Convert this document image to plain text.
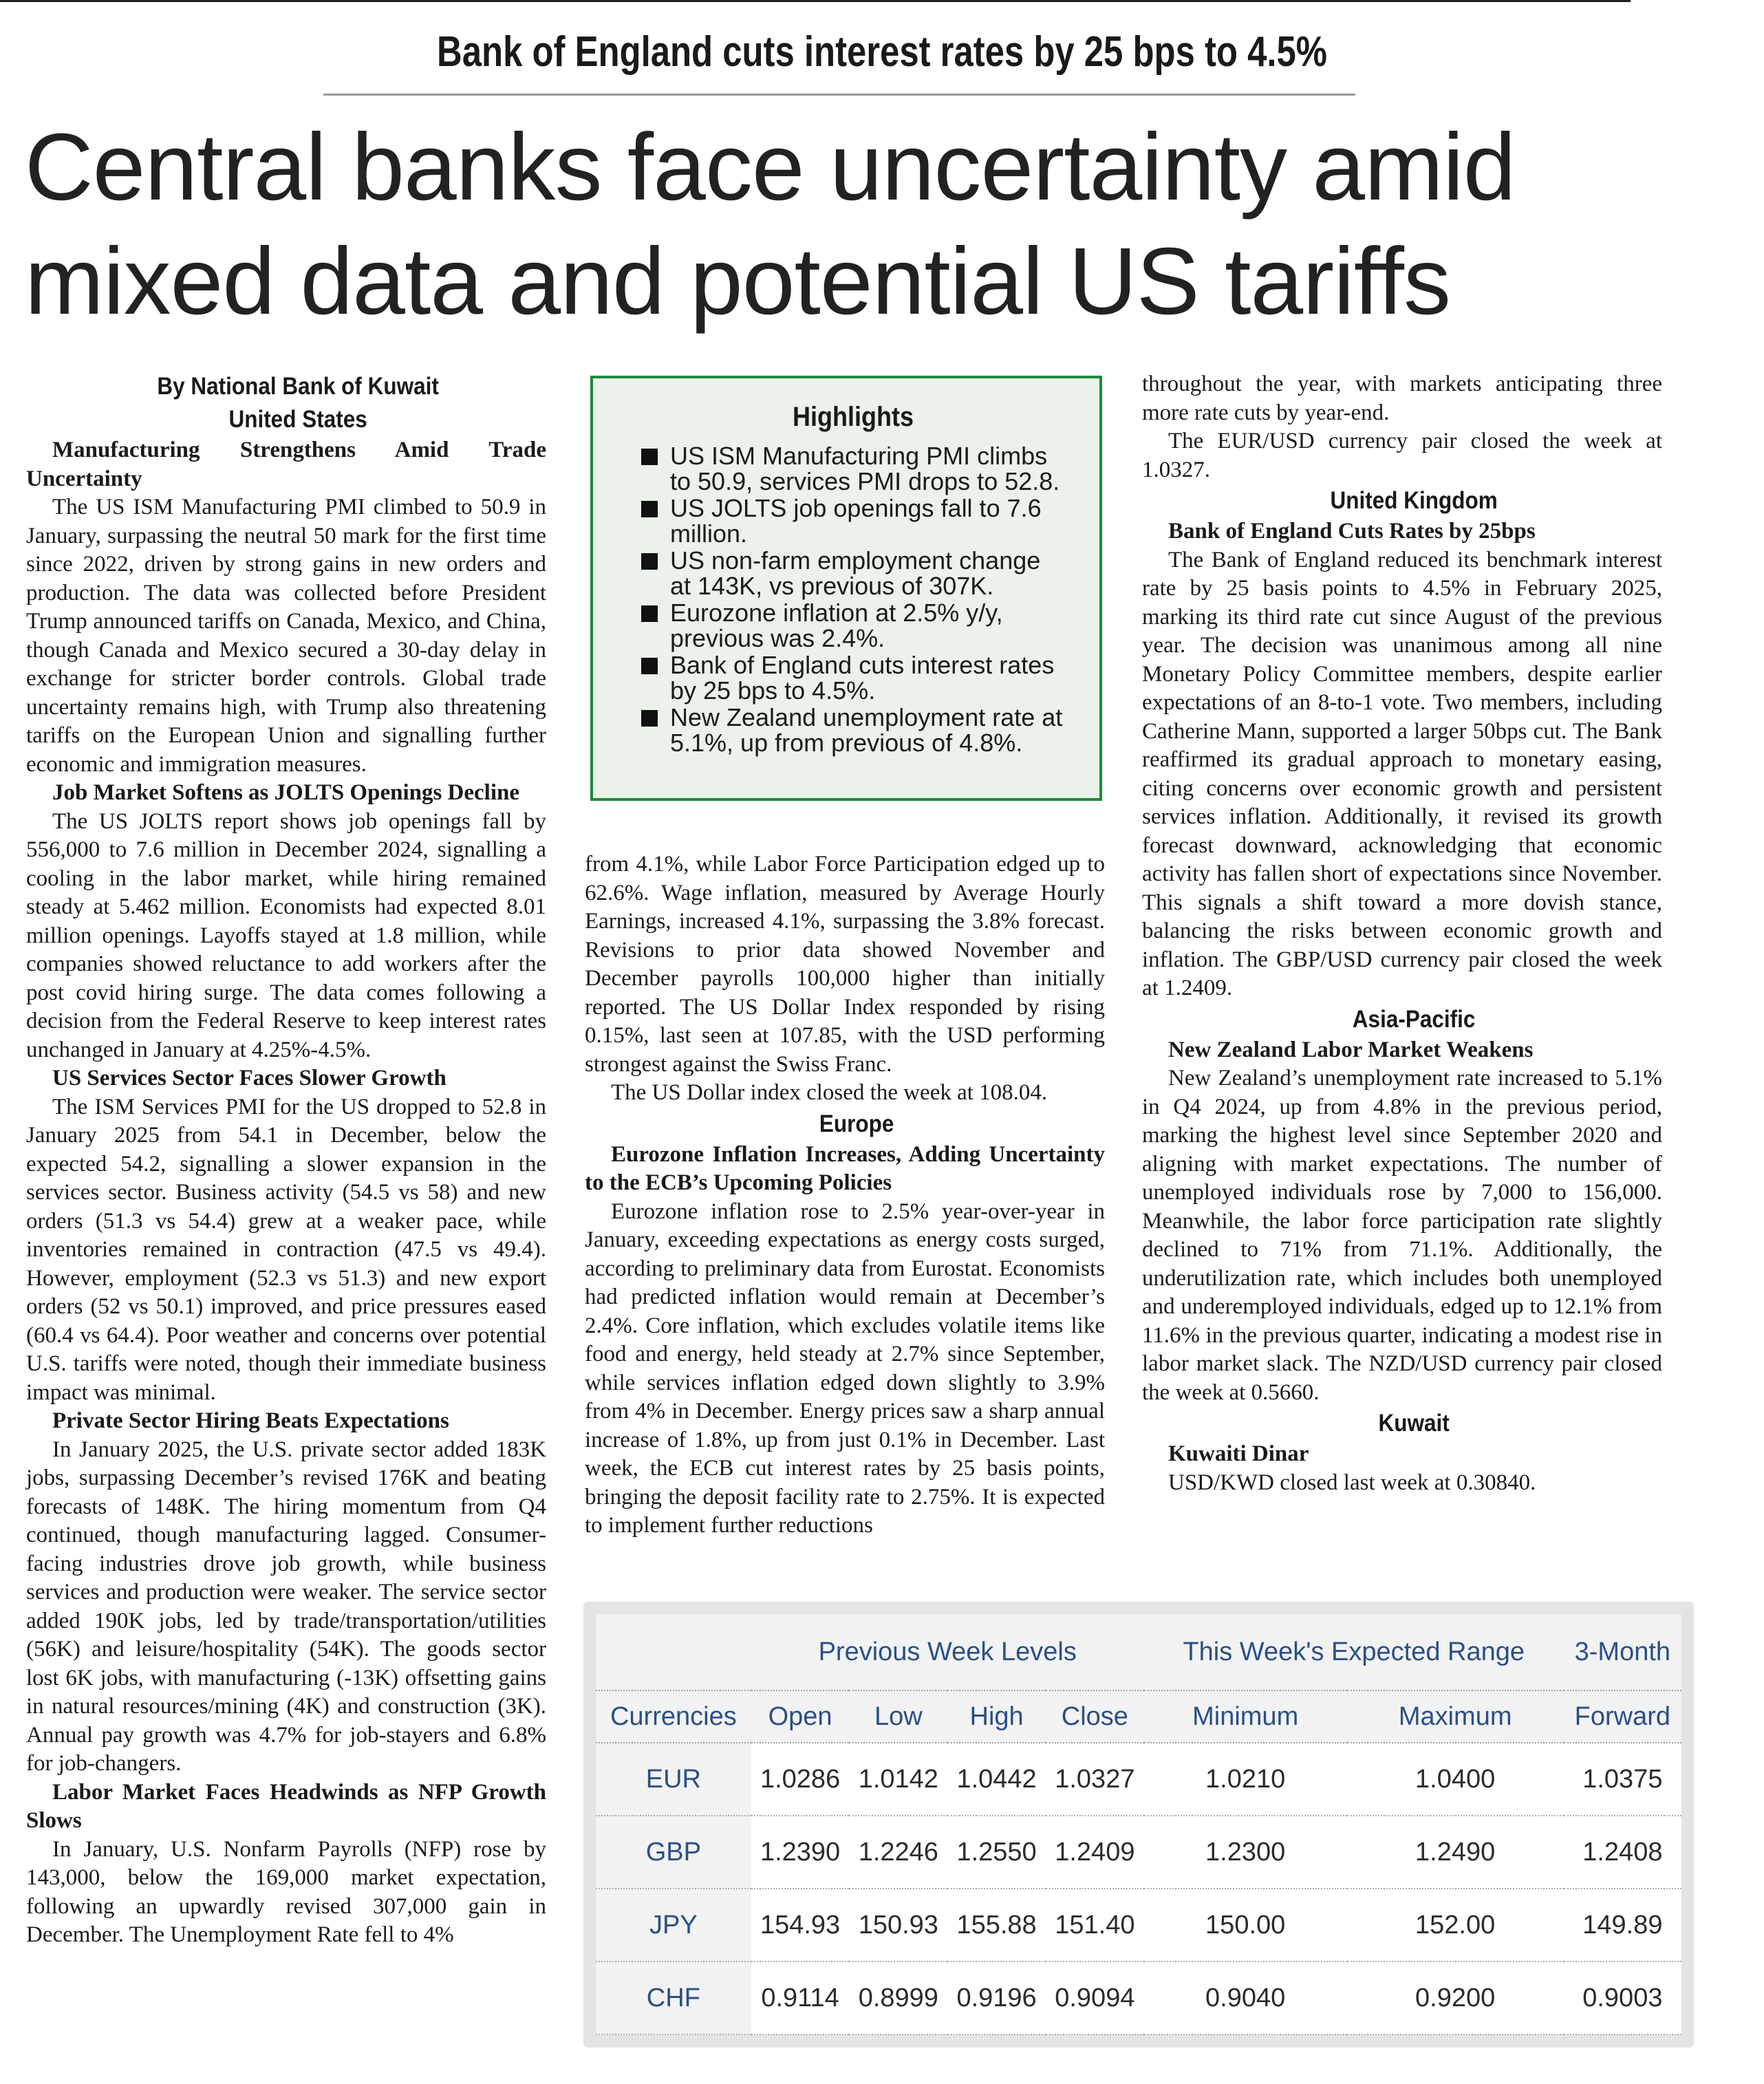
Bank of England cuts interest rates by 25 bps to 4.5%
Central banks face uncertainty amid mixed data and potential US tariffs

By National Bank of Kuwait

United States

Manufacturing Strengthens Amid Trade Uncertainty

The US ISM Manufacturing PMI climbed to 50.9 in January, surpassing the neutral 50 mark for the first time since 2022, driven by strong gains in new orders and production. The data was collected before President Trump announced tariffs on Canada, Mexico, and China, though Canada and Mexico secured a 30-day delay in exchange for stricter border controls. Global trade uncertainty remains high, with Trump also threatening tariffs on the European Union and signalling further economic and immigration measures.

Job Market Softens as JOLTS Openings Decline

The US JOLTS report shows job openings fall by 556,000 to 7.6 million in December 2024, signalling a cooling in the labor market, while hiring remained steady at 5.462 million. Economists had expected 8.01 million openings. Layoffs stayed at 1.8 million, while companies showed reluctance to add workers after the post covid hiring surge. The data comes following a decision from the Federal Reserve to keep interest rates unchanged in January at 4.25%-4.5%.

US Services Sector Faces Slower Growth

The ISM Services PMI for the US dropped to 52.8 in January 2025 from 54.1 in December, below the expected 54.2, signalling a slower expansion in the services sector. Business activity (54.5 vs 58) and new orders (51.3 vs 54.4) grew at a weaker pace, while inventories remained in contraction (47.5 vs 49.4). However, employment (52.3 vs 51.3) and new export orders (52 vs 50.1) improved, and price pressures eased (60.4 vs 64.4). Poor weather and concerns over potential U.S. tariffs were noted, though their immediate business impact was minimal.

Private Sector Hiring Beats Expectations

In January 2025, the U.S. private sector added 183K jobs, surpassing December’s revised 176K and beating forecasts of 148K. The hiring momentum from Q4 continued, though manufacturing lagged. Consumer-facing industries drove job growth, while business services and production were weaker. The service sector added 190K jobs, led by trade/transportation/utilities (56K) and leisure/hospitality (54K). The goods sector lost 6K jobs, with manufacturing (-13K) offsetting gains in natural resources/mining (4K) and construction (3K). Annual pay growth was 4.7% for job-stayers and 6.8% for job-changers.

Labor Market Faces Headwinds as NFP Growth Slows

In January, U.S. Nonfarm Payrolls (NFP) rose by 143,000, below the 169,000 market expectation, following an upwardly revised 307,000 gain in December. The Unemployment Rate fell to 4%

Highlights

US ISM Manufacturing PMI climbs to 50.9, services PMI drops to 52.8.
US JOLTS job openings fall to 7.6 million.
US non-farm employment change at 143K, vs previous of 307K.
Eurozone inflation at 2.5% y/y, previous was 2.4%.
Bank of England cuts interest rates by 25 bps to 4.5%.
New Zealand unemployment rate at 5.1%, up from previous of 4.8%.

from 4.1%, while Labor Force Participation edged up to 62.6%. Wage inflation, measured by Average Hourly Earnings, increased 4.1%, surpassing the 3.8% forecast. Revisions to prior data showed November and December payrolls 100,000 higher than initially reported. The US Dollar Index responded by rising 0.15%, last seen at 107.85, with the USD performing strongest against the Swiss Franc.

The US Dollar index closed the week at 108.04.

Europe

Eurozone Inflation Increases, Adding Uncertainty to the ECB’s Upcoming Policies

Eurozone inflation rose to 2.5% year-over-year in January, exceeding expectations as energy costs surged, according to preliminary data from Eurostat. Economists had predicted inflation would remain at December’s 2.4%. Core inflation, which excludes volatile items like food and energy, held steady at 2.7% since September, while services inflation edged down slightly to 3.9% from 4% in December. Energy prices saw a sharp annual increase of 1.8%, up from just 0.1% in December. Last week, the ECB cut interest rates by 25 basis points, bringing the deposit facility rate to 2.75%. It is expected to implement further reductions

throughout the year, with markets anticipating three more rate cuts by year-end.

The EUR/USD currency pair closed the week at 1.0327.

United Kingdom

Bank of England Cuts Rates by 25bps

The Bank of England reduced its benchmark interest rate by 25 basis points to 4.5% in February 2025, marking its third rate cut since August of the previous year. The decision was unanimous among all nine Monetary Policy Committee members, despite earlier expectations of an 8-to-1 vote. Two members, including Catherine Mann, supported a larger 50bps cut. The Bank reaffirmed its gradual approach to monetary easing, citing concerns over economic growth and persistent services inflation. Additionally, it revised its growth forecast downward, acknowledging that economic activity has fallen short of expectations since November. This signals a shift toward a more dovish stance, balancing the risks between economic growth and inflation. The GBP/USD currency pair closed the week at 1.2409.

Asia-Pacific

New Zealand Labor Market Weakens

New Zealand’s unemployment rate increased to 5.1% in Q4 2024, up from 4.8% in the previous period, marking the highest level since September 2020 and aligning with market expectations. The number of unemployed individuals rose by 7,000 to 156,000. Meanwhile, the labor force participation rate slightly declined to 71% from 71.1%. Additionally, the underutilization rate, which includes both unemployed and underemployed individuals, edged up to 12.1% from 11.6% in the previous quarter, indicating a modest rise in labor market slack. The NZD/USD currency pair closed the week at 0.5660.

Kuwait

Kuwaiti Dinar

USD/KWD closed last week at 0.30840.

	Previous Week Levels				This Week's Expected Range		3-Month
Currencies	Open	Low	High	Close	Minimum	Maximum	Forward
EUR	1.0286	1.0142	1.0442	1.0327	1.0210	1.0400	1.0375
GBP	1.2390	1.2246	1.2550	1.2409	1.2300	1.2490	1.2408
JPY	154.93	150.93	155.88	151.40	150.00	152.00	149.89
CHF	0.9114	0.8999	0.9196	0.9094	0.9040	0.9200	0.9003
